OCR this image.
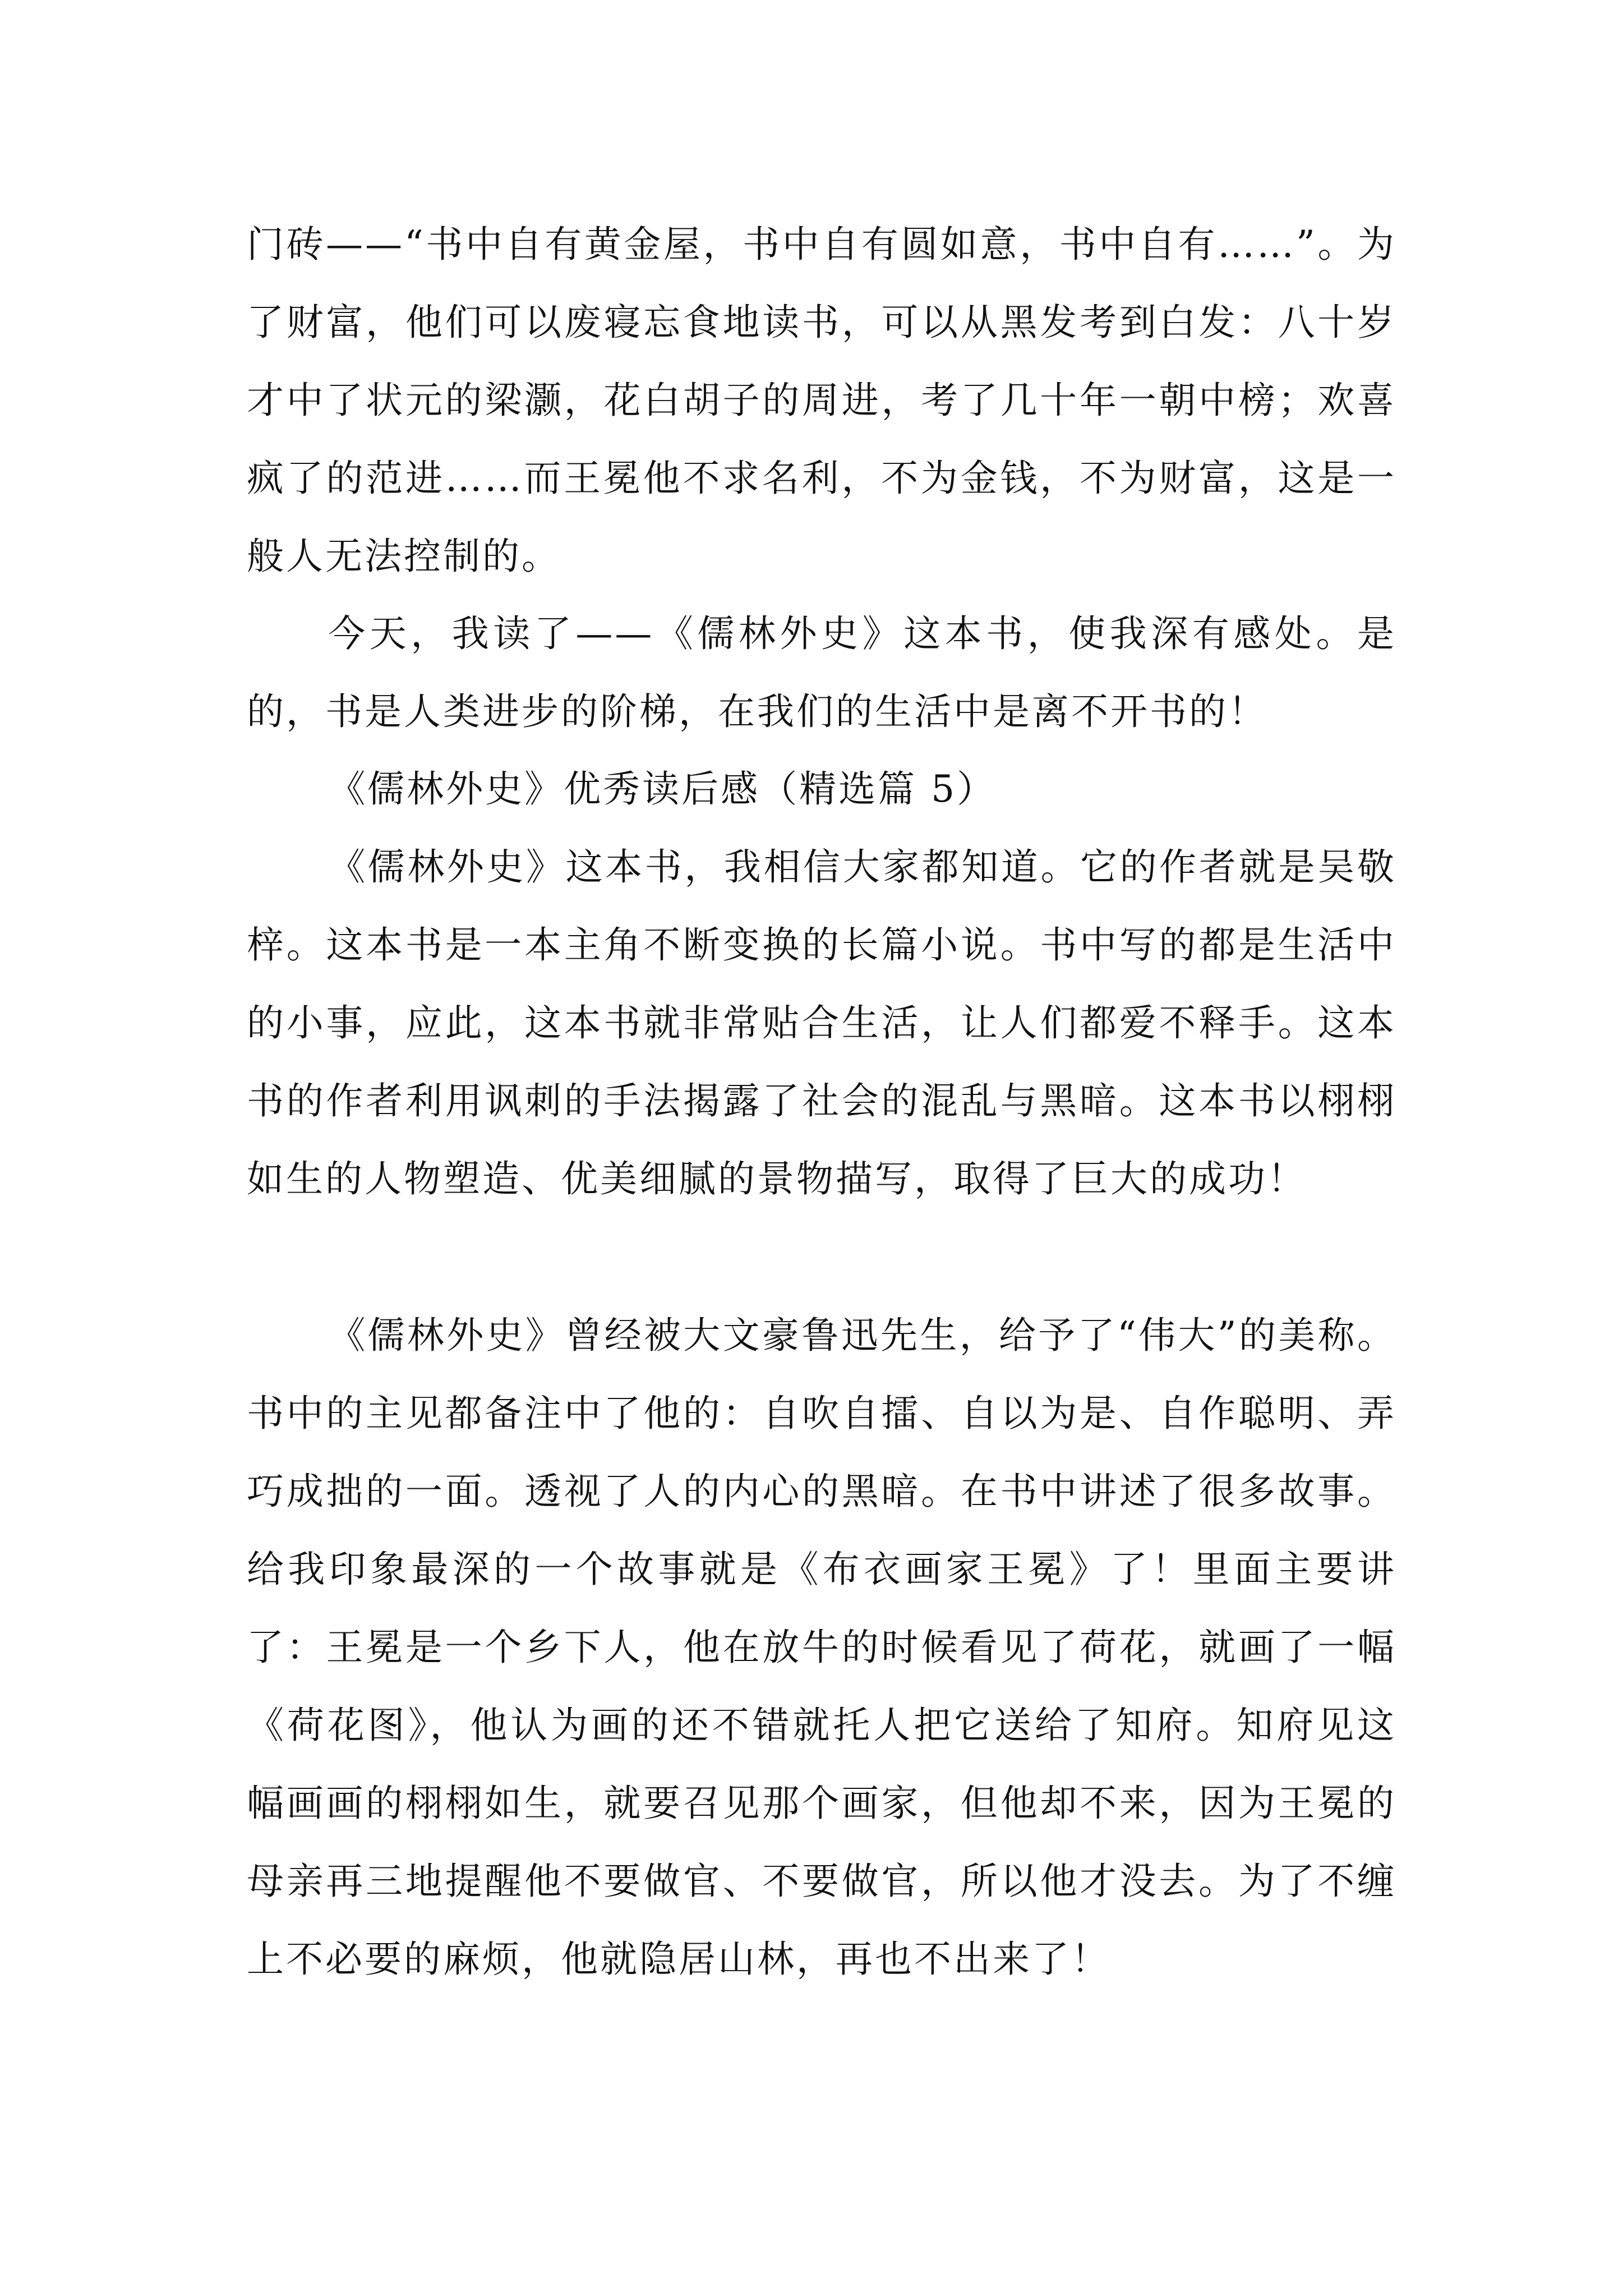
门砖——“书中自有黄金屋，书中自有圆如意，书中自有……”。为了财富，他们可以废寝忘食地读书，可以从黑发考到白发：八十岁才中了状元的梁灏，花白胡子的周进，考了几十年一朝中榜；欢喜疯了的范进……而王冕他不求名利，不为金钱，不为财富，这是一般人无法控制的。

今天，我读了——《儒林外史》这本书，使我深有感处。是的，书是人类进步的阶梯，在我们的生活中是离不开书的！

《儒林外史》优秀读后感（精选篇 5）

《儒林外史》这本书，我相信大家都知道。它的作者就是吴敬梓。这本书是一本主角不断变换的长篇小说。书中写的都是生活中的小事，应此，这本书就非常贴合生活，让人们都爱不释手。这本书的作者利用讽刺的手法揭露了社会的混乱与黑暗。这本书以栩栩如生的人物塑造、优美细腻的景物描写，取得了巨大的成功！

《儒林外史》曾经被大文豪鲁迅先生，给予了“伟大”的美称。书中的主见都备注中了他的：自吹自擂、自以为是、自作聪明、弄巧成拙的一面。透视了人的内心的黑暗。在书中讲述了很多故事。给我印象最深的一个故事就是《布衣画家王冕》了！里面主要讲了：王冕是一个乡下人，他在放牛的时候看见了荷花，就画了一幅《荷花图》，他认为画的还不错就托人把它送给了知府。知府见这幅画画的栩栩如生，就要召见那个画家，但他却不来，因为王冕的母亲再三地提醒他不要做官、不要做官，所以他才没去。为了不缠上不必要的麻烦，他就隐居山林，再也不出来了！
